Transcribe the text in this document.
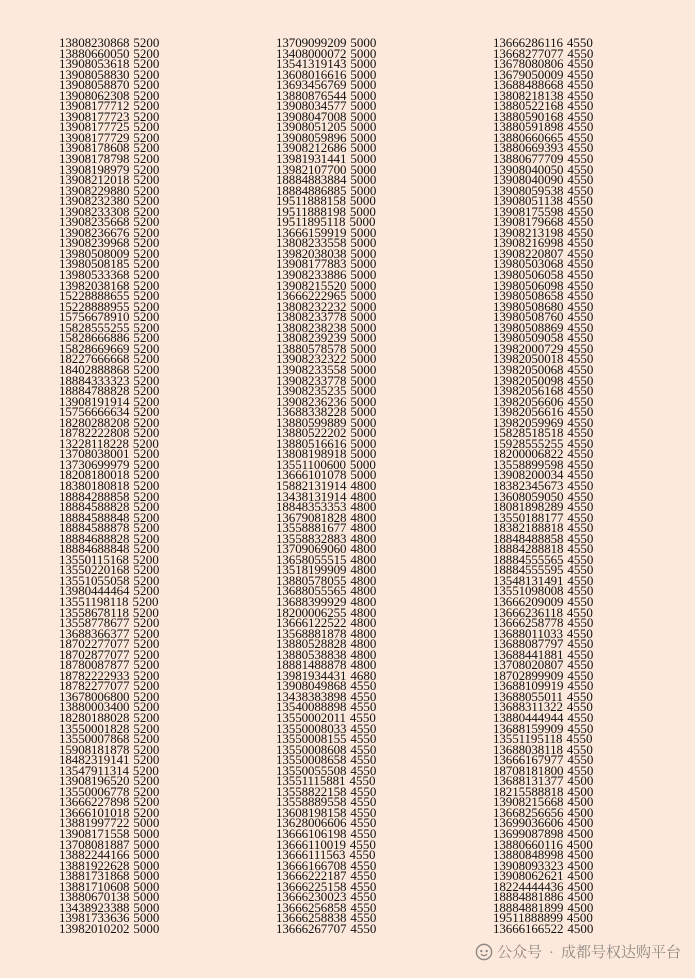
13808230868 5200
13880660050 5200
13908053618 5200
13908058830 5200
13908058870 5200
13908062308 5200
13908177712 5200
13908177723 5200
13908177725 5200
13908177729 5200
13908178608 5200
13908178798 5200
13908198979 5200
13908212018 5200
13908229880 5200
13908232380 5200
13908233308 5200
13908235668 5200
13908236676 5200
13908239968 5200
13980508009 5200
13980508185 5200
13980533368 5200
13982038168 5200
15228888655 5200
15228888955 5200
15756678910 5200
15828555255 5200
15828666886 5200
15828669669 5200
18227666668 5200
18402888868 5200
18884333323 5200
18884788828 5200
13908191914 5200
15756666634 5200
18280288208 5200
18782222808 5200
13228118228 5200
13708038001 5200
13730699979 5200
18208180018 5200
18380180818 5200
18884288858 5200
18884588828 5200
18884588848 5200
18884588878 5200
18884688828 5200
18884688848 5200
13550115168 5200
13550220168 5200
13551055058 5200
13980444464 5200
13551198118 5200
13558678118 5200
13558778677 5200
13688366377 5200
18702277077 5200
18702877077 5200
18780087877 5200
18782222933 5200
18782277077 5200
13678006800 5200
13880003400 5200
18280188028 5200
13550001828 5200
13550007868 5200
15908181878 5200
18482319141 5200
13547911314 5200
13908196520 5200
13550006778 5200
13666227898 5200
13666101018 5200
13881997722 5000
13908171558 5000
13708081887 5000
13882244166 5000
13881922628 5000
13881731868 5000
13881710608 5000
13880670138 5000
13438923388 5000
13981733636 5000
13982010202 5000
13709099209 5000
13408000072 5000
13541319143 5000
13608016616 5000
13693456769 5000
13880876544 5000
13908034577 5000
13908047008 5000
13908051205 5000
13908059896 5000
13908212686 5000
13981931441 5000
13982107700 5000
18884883884 5000
18884886885 5000
19511888158 5000
19511888198 5000
19511895118 5000
13666159919 5000
13808233558 5000
13982038038 5000
13908177883 5000
13908233886 5000
13908215520 5000
13666222965 5000
13808232232 5000
13808233778 5000
13808238238 5000
13808239239 5000
13880578578 5000
13908232322 5000
13908233558 5000
13908233778 5000
13908235235 5000
13908236236 5000
13688338228 5000
13880599889 5000
13880522202 5000
13880516616 5000
13808198918 5000
13551100600 5000
13666101078 5000
15882131914 4800
13438131914 4800
18848353353 4800
13679081828 4800
13558881677 4800
13558832883 4800
13709069060 4800
13658055515 4800
13518199909 4800
13880578055 4800
13688055565 4800
13688399929 4800
18200006255 4800
13666122522 4800
13568881878 4800
13880528828 4800
13880538838 4800
18881488878 4800
13981934431 4680
13908049868 4550
13438383898 4550
13540088898 4550
13550002011 4550
13550008033 4550
13550008155 4550
13550008608 4550
13550008658 4550
13550055508 4550
13551115881 4550
13558822158 4550
13558889558 4550
13608198158 4550
13628006606 4550
13666106198 4550
13666110019 4550
13666111563 4550
13666166708 4550
13666222187 4550
13666225158 4550
13666230023 4550
13666256858 4550
13666258838 4550
13666267707 4550
13666286116 4550
13668277077 4550
13678080806 4550
13679050009 4550
13688488668 4550
13808218138 4550
13880522168 4550
13880590168 4550
13880591898 4550
13880660665 4550
13880669393 4550
13880677709 4550
13908040050 4550
13908040090 4550
13908059538 4550
13908051138 4550
13908175598 4550
13908179668 4550
13908213198 4550
13908216998 4550
13908220807 4550
13980503068 4550
13980506058 4550
13980506098 4550
13980508658 4550
13980508680 4550
13980508760 4550
13980508869 4550
13980509058 4550
13982000729 4550
13982050018 4550
13982050068 4550
13982050098 4550
13982056168 4550
13982056606 4550
13982056616 4550
13982059969 4550
15828518518 4550
15928555255 4550
18200006822 4550
13558899598 4550
13908200034 4550
18382345673 4550
13608059050 4550
18081898289 4550
13550188177 4550
18382188818 4550
18848488858 4550
18884288818 4550
18884555565 4550
18884555595 4550
13548131491 4550
13551098008 4550
13666209009 4550
13666236118 4550
13666258778 4550
13688011033 4550
13688087797 4550
13688441881 4550
13708020807 4550
18702899909 4550
13688109919 4550
13688055011 4550
13688311322 4550
13880444944 4550
13688159909 4550
13551195118 4550
13688038118 4550
13666167977 4550
18708181800 4550
13688131377 4500
18215588818 4500
13908215668 4500
13668256656 4500
13699036606 4500
13699087898 4500
13880660116 4500
13880848998 4500
13908093323 4500
13908062621 4500
18224444436 4500
18884881886 4500
18884881899 4500
19511888899 4500
13666166522 4500
公众号 · 成都号权达购平台
